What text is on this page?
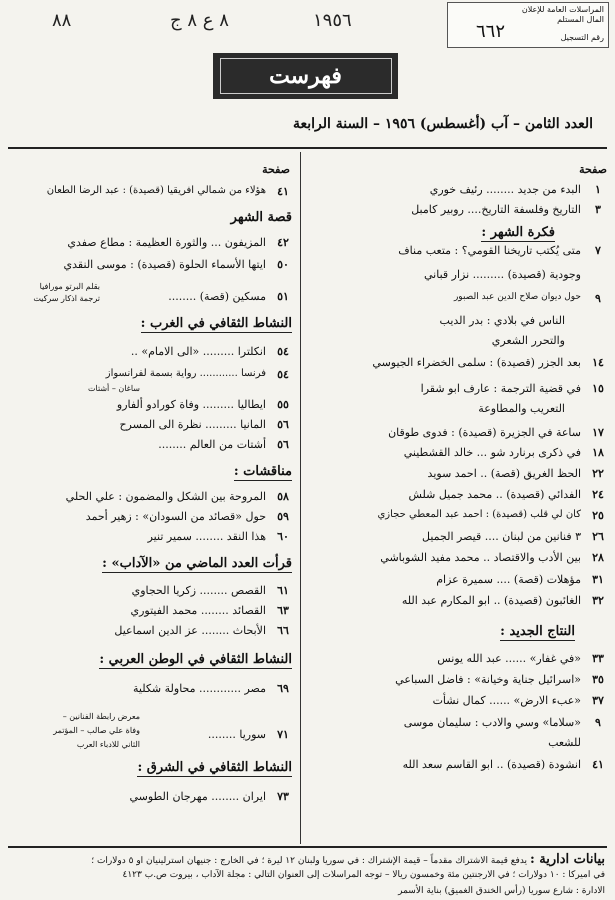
٨٨	٨ ع ٨ ج	١٩٥٦
المراسلات العامة للإعلان
المال المستلم
٦٦٢	رقم التسجيل
فهرست
العدد الثامن – آب (أغسطس) ١٩٥٦ – السنة الرابعة
صفحة
١
البدء من جديد ........ رئيف خوري
٣
التاريخ وفلسفة التاريخ.... روبير كامبل
فكرة الشهر :
٧
متى يُكتب تاريخنا القومي؟ : متعب مناف
وجودية (قصيدة) ......... نزار قباني
٩
حول ديوان صلاح الدين عبد الصبور
الناس في بلادي : بدر الديب
والتحرر الشعري
١٤
بعد الجزر (قصيدة) : سلمى الخضراء الجيوسي
١٥
في قضية الترجمة : عارف ابو شقرا
التعريب والمطاوعة
١٧
ساعة في الجزيرة (قصيدة) : فدوى طوقان
١٨
في ذكرى برنارد شو ... خالد القشطيني
٢٢
الحظ الغريق (قصة) .. احمد سويد
٢٤
الفدائي (قصيدة) .. محمد جميل شلش
٢٥
كان لي قلب (قصيدة) : احمد عبد المعطي حجازي
٢٦
٣ فنانين من لبنان .... قيصر الجميل
٢٨
بين الأدب والاقتصاد .. محمد مفيد الشوباشي
٣١
مؤهلات (قصة) .... سميرة عزام
٣٢
الغائبون (قصيدة) .. ابو المكارم عبد الله
النتاج الجديد :
٣٣
«في غفار» ...... عبد الله يونس
٣٥
«اسرائيل جناية وخيانة» : فاضل السباعي
٣٧
«عبء الارض» ...... كمال نشأت
٩
«سلاما» وسي والادب : سليمان موسى
للشعب
٤١
انشودة (قصيدة) .. ابو القاسم سعد الله
صفحة
٤١
هؤلاء من شمالي افريقيا (قصيدة) : عبد الرضا الطعان
قصة الشهر
٤٢
المزيفون ... والثورة العظيمة : مطاع صفدي
٥٠
ايتها الأسماء الحلوة (قصيدة) : موسى النقدي
٥١
مسكين (قصة) ........
بقلم البرتو مورافيا
ترجمة اذكار سركيت
النشاط الثقافي في الغرب :
٥٤
انكلترا ......... «الى الامام» ..
٥٤
فرنسا ............ رواية بسمة لفرانسواز
ساغان – أشتات
٥٥
ايطاليا ......... وفاة كورادو ألفارو
٥٦
المانيا ......... نظرة الى المسرح
٥٦
أشتات من العالم ........
مناقشات :
٥٨
المروحة بين الشكل والمضمون : علي الحلي
٥٩
حول «قصائد من السودان» : زهير أحمد
٦٠
هذا النقد ........ سمير تنير
قرأت العدد الماضي من «الآداب» :
٦١
القصص ........ زكريا الحجاوي
٦٣
القصائد ........ محمد الفيتوري
٦٦
الأبحاث ........ عز الدين اسماعيل
النشاط الثقافي في الوطن العربي :
٦٩
مصر ............ محاولة شكلية
٧١
سوريا ........
معرض رابطة الفنانين –
وفاة علي صالب – المؤتمر
الثاني للادباء العرب
النشاط الثقافي في الشرق :
٧٣
ايران ........ مهرجان الطوسي
بيانات ادارية : يدفع قيمة الاشتراك مقدماً – قيمة الإشتراك : في سوريا ولبنان ١٢ ليرة ؛ في الخارج : جنيهان استرلينيان او ٥ دولارات ؛
في اميركا : ١٠ دولارات ؛ في الارجنتين مئة وخمسون ريالا – توجه المراسلات إلى العنوان التالي : مجلة الآداب ، بيروت ص.ب ٤١٢٣
الادارة : شارع سوريا (رأس الخندق الغميق) بناية الأسمر
